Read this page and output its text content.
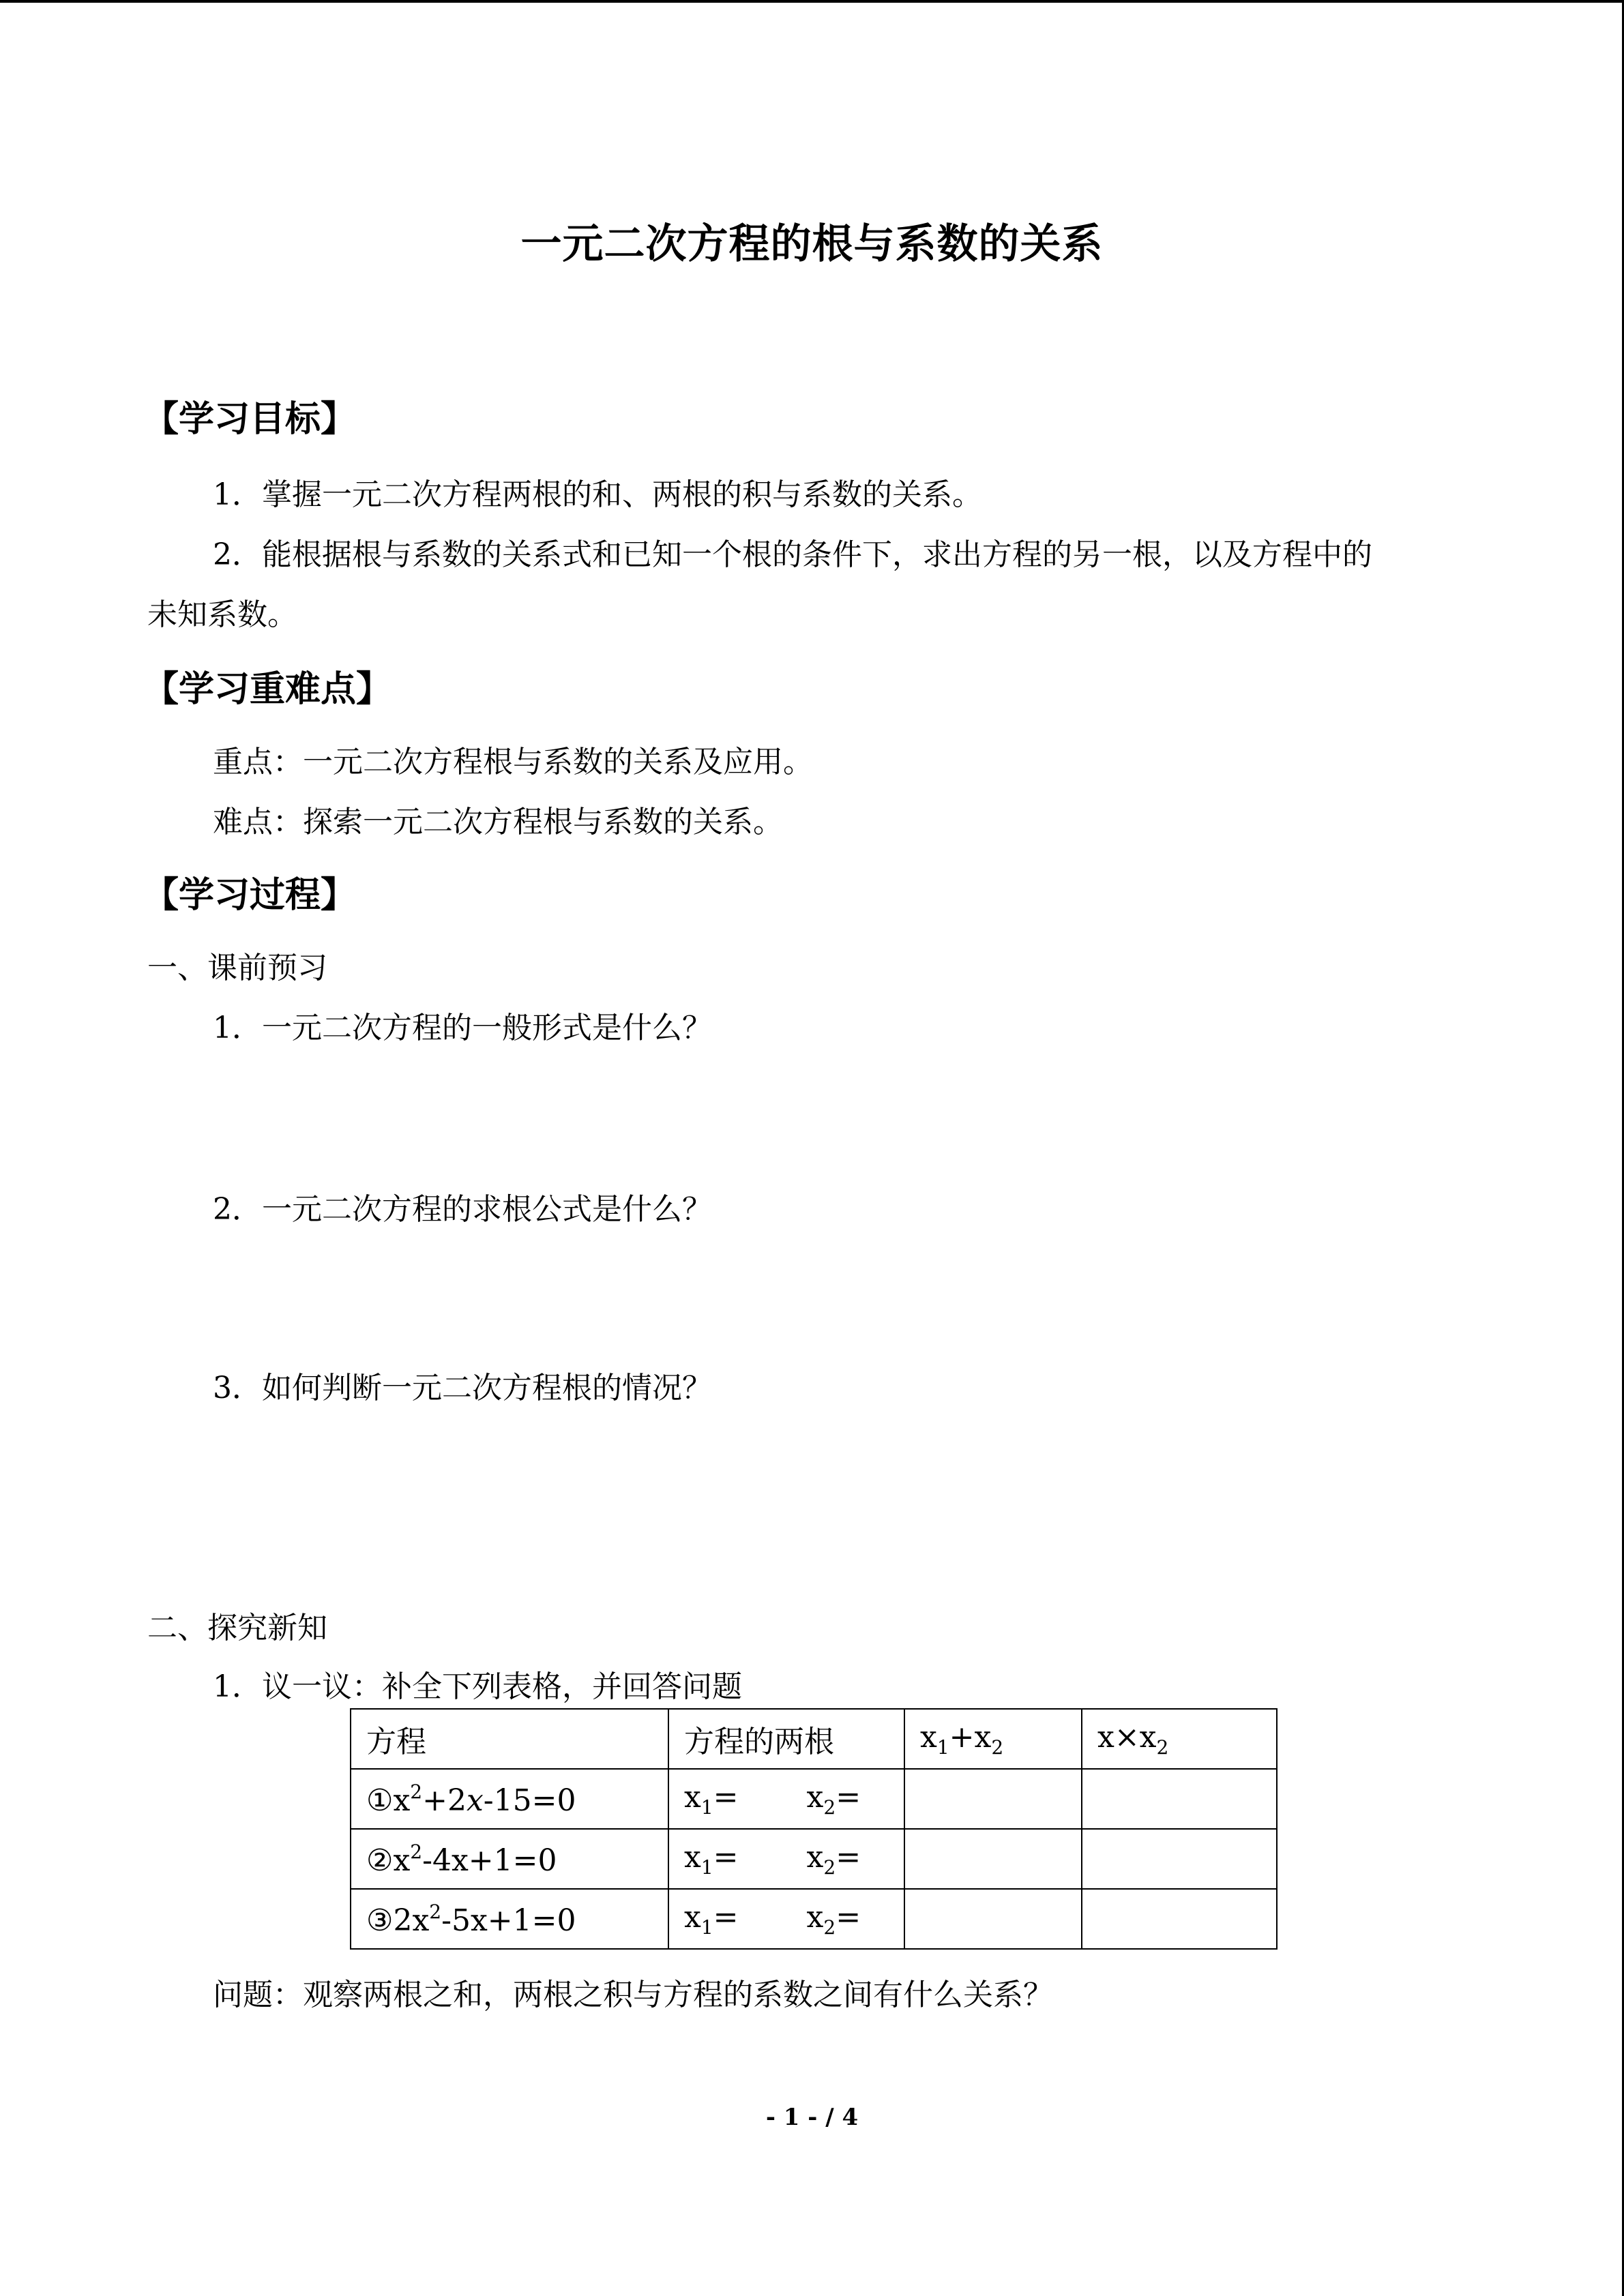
一元二次方程的根与系数的关系
【学习目标】
1．掌握一元二次方程两根的和、两根的积与系数的关系。
2．能根据根与系数的关系式和已知一个根的条件下，求出方程的另一根，以及方程中的
未知系数。
【学习重难点】
重点：一元二次方程根与系数的关系及应用。
难点：探索一元二次方程根与系数的关系。
【学习过程】
一、课前预习
1．一元二次方程的一般形式是什么？
2．一元二次方程的求根公式是什么？
3．如何判断一元二次方程根的情况？
二、探究新知
1．议一议：补全下列表格，并回答问题
方程	方程的两根	$x_1+x_2$	$x\times x_2$
$①x^2+2x-15=0$	$x_1= x_2=$		
$②x^2-4x+1=0$	$x_1= x_2=$		
$③2x^2-5x+1=0$	$x_1= x_2=$		
问题：观察两根之和，两根之积与方程的系数之间有什么关系？
- 1 - / 4
